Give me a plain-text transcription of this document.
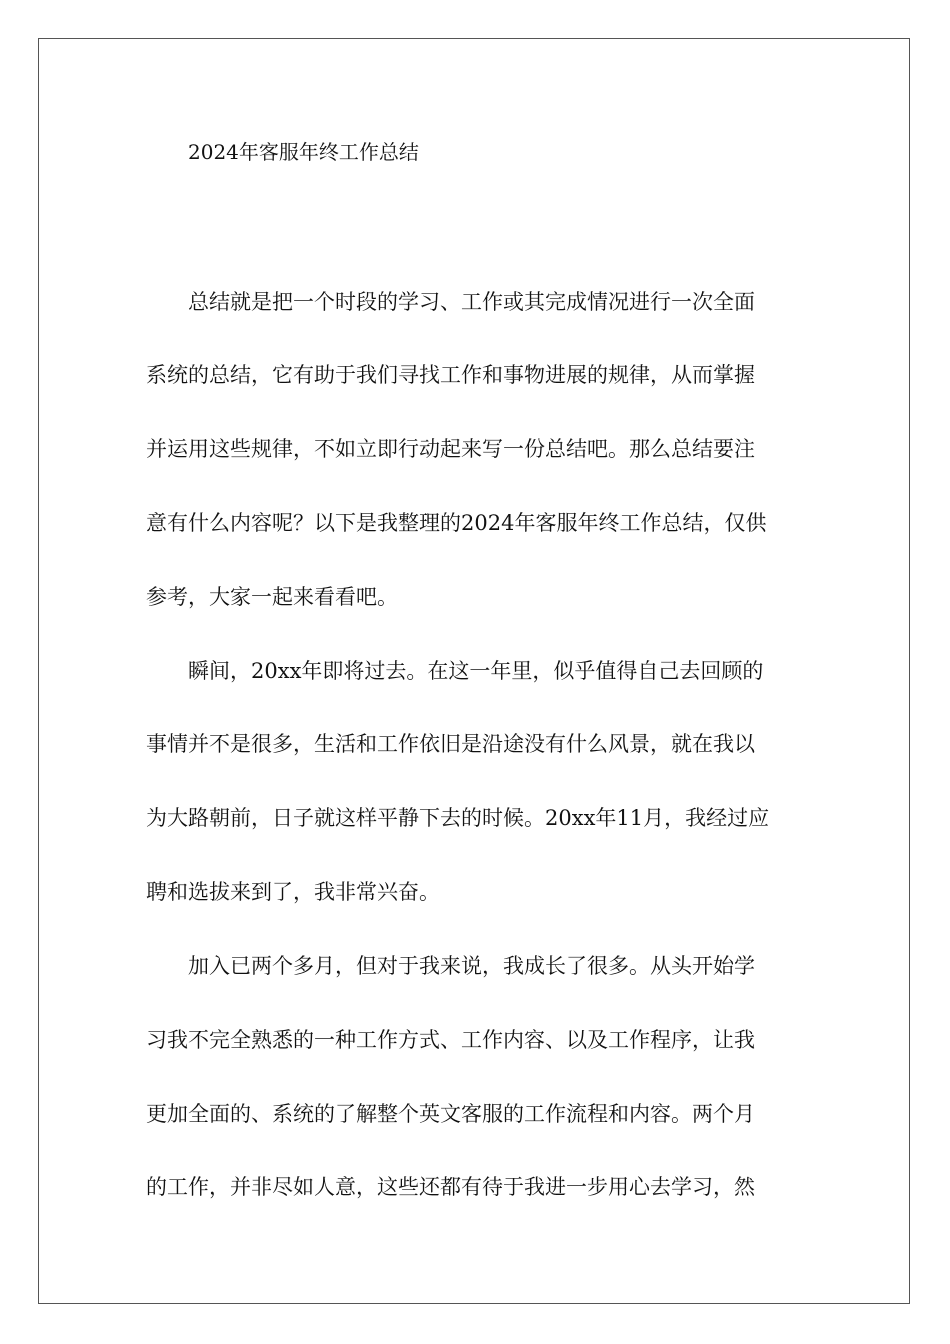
2024年客服年终工作总结

总结就是把一个时段的学习、工作或其完成情况进行一次全面

系统的总结，它有助于我们寻找工作和事物进展的规律，从而掌握

并运用这些规律，不如立即行动起来写一份总结吧。那么总结要注

意有什么内容呢？以下是我整理的2024年客服年终工作总结，仅供

参考，大家一起来看看吧。

瞬间，20xx年即将过去。在这一年里，似乎值得自己去回顾的

事情并不是很多，生活和工作依旧是沿途没有什么风景，就在我以

为大路朝前，日子就这样平静下去的时候。20xx年11月，我经过应

聘和选拔来到了，我非常兴奋。

加入已两个多月，但对于我来说，我成长了很多。从头开始学

习我不完全熟悉的一种工作方式、工作内容、以及工作程序，让我

更加全面的、系统的了解整个英文客服的工作流程和内容。两个月

的工作，并非尽如人意，这些还都有待于我进一步用心去学习，然
